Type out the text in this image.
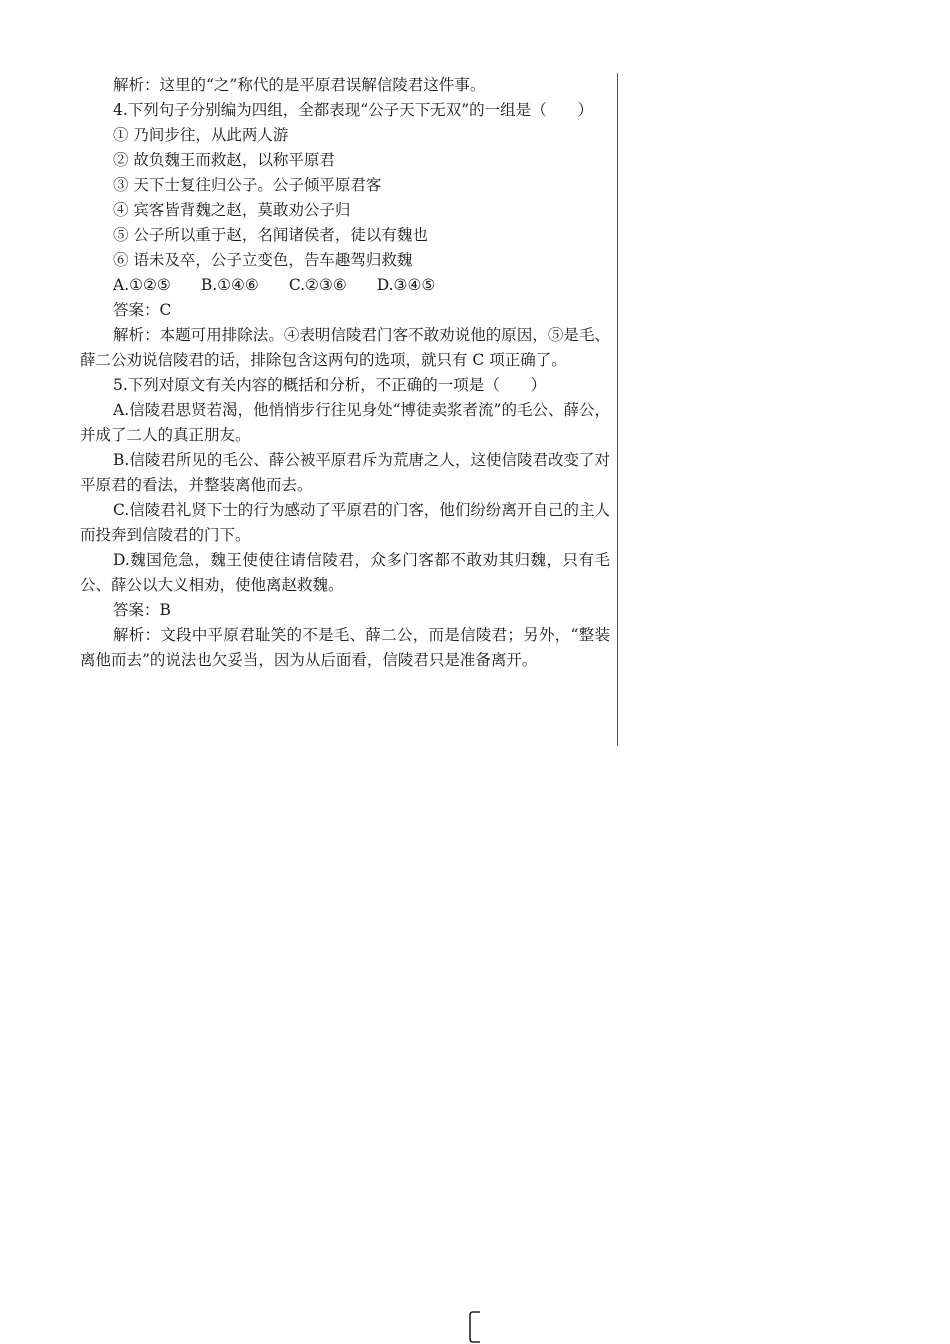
解析：这里的“之”称代的是平原君误解信陵君这件事。

4.下列句子分别编为四组，全都表现“公子天下无双”的一组是（　　）

① 乃间步往，从此两人游

② 故负魏王而救赵，以称平原君

③ 天下士复往归公子。公子倾平原君客

④ 宾客皆背魏之赵，莫敢劝公子归

⑤ 公子所以重于赵，名闻诸侯者，徒以有魏也

⑥ 语未及卒，公子立变色，告车趣驾归救魏

A.①②⑤ B.①④⑥ C.②③⑥ D.③④⑤

答案：C

解析：本题可用排除法。④表明信陵君门客不敢劝说他的原因，⑤是毛、薛二公劝说信陵君的话，排除包含这两句的选项，就只有 C 项正确了。

5.下列对原文有关内容的概括和分析，不正确的一项是（　　）

A.信陵君思贤若渴，他悄悄步行往见身处“博徒卖浆者流”的毛公、薛公，并成了二人的真正朋友。

B.信陵君所见的毛公、薛公被平原君斥为荒唐之人，这使信陵君改变了对平原君的看法，并整装离他而去。

C.信陵君礼贤下士的行为感动了平原君的门客，他们纷纷离开自己的主人而投奔到信陵君的门下。

D.魏国危急，魏王使使往请信陵君，众多门客都不敢劝其归魏，只有毛公、薛公以大义相劝，使他离赵救魏。

答案：B

解析：文段中平原君耻笑的不是毛、薛二公，而是信陵君；另外，“整装离他而去”的说法也欠妥当，因为从后面看，信陵君只是准备离开。
